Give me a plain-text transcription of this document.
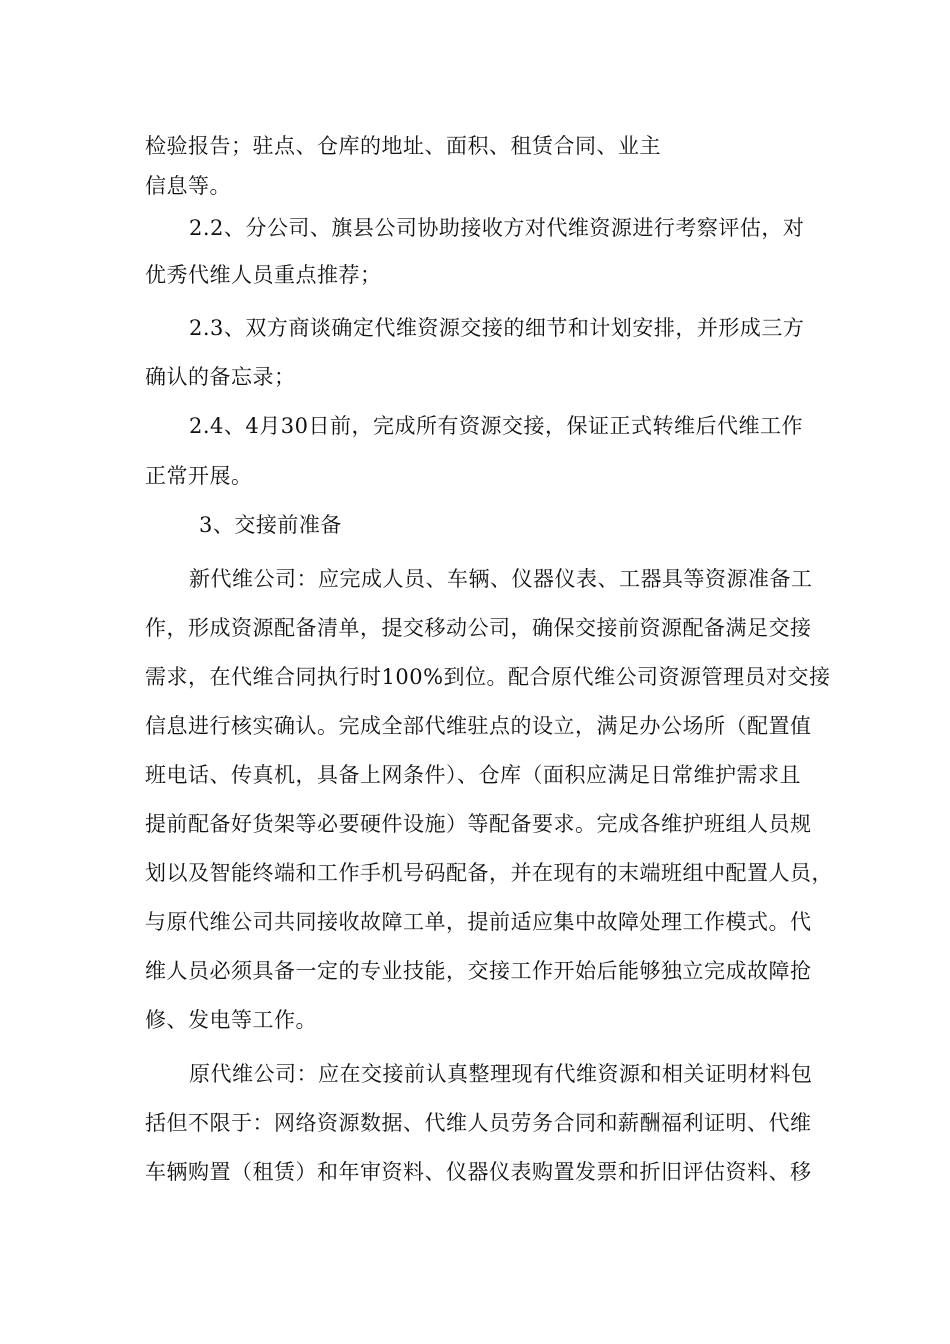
检验报告；驻点、仓库的地址、面积、租赁合同、业主
信息等。
2.2、分公司、旗县公司协助接收方对代维资源进行考察评估，对
优秀代维人员重点推荐；
2.3、双方商谈确定代维资源交接的细节和计划安排，并形成三方
确认的备忘录；
2.4、4月30日前，完成所有资源交接，保证正式转维后代维工作
正常开展。
3、交接前准备
新代维公司：应完成人员、车辆、仪器仪表、工器具等资源准备工
作，形成资源配备清单，提交移动公司，确保交接前资源配备满足交接
需求，在代维合同执行时100%到位。配合原代维公司资源管理员对交接
信息进行核实确认。完成全部代维驻点的设立，满足办公场所（配置值
班电话、传真机，具备上网条件）、仓库（面积应满足日常维护需求且
提前配备好货架等必要硬件设施）等配备要求。完成各维护班组人员规
划以及智能终端和工作手机号码配备，并在现有的末端班组中配置人员，
与原代维公司共同接收故障工单，提前适应集中故障处理工作模式。代
维人员必须具备一定的专业技能，交接工作开始后能够独立完成故障抢
修、发电等工作。
原代维公司：应在交接前认真整理现有代维资源和相关证明材料包
括但不限于：网络资源数据、代维人员劳务合同和薪酬福利证明、代维
车辆购置（租赁）和年审资料、仪器仪表购置发票和折旧评估资料、移
